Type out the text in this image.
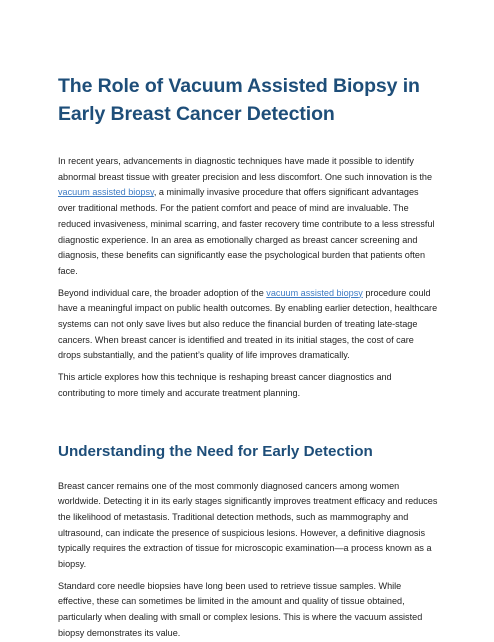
The Role of Vacuum Assisted Biopsy in Early Breast Cancer Detection

In recent years, advancements in diagnostic techniques have made it possible to identify abnormal breast tissue with greater precision and less discomfort. One such innovation is the vacuum assisted biopsy, a minimally invasive procedure that offers significant advantages over traditional methods. For the patient comfort and peace of mind are invaluable. The reduced invasiveness, minimal scarring, and faster recovery time contribute to a less stressful diagnostic experience. In an area as emotionally charged as breast cancer screening and diagnosis, these benefits can significantly ease the psychological burden that patients often face.

Beyond individual care, the broader adoption of the vacuum assisted biopsy procedure could have a meaningful impact on public health outcomes. By enabling earlier detection, healthcare systems can not only save lives but also reduce the financial burden of treating late-stage cancers. When breast cancer is identified and treated in its initial stages, the cost of care drops substantially, and the patient’s quality of life improves dramatically.

This article explores how this technique is reshaping breast cancer diagnostics and contributing to more timely and accurate treatment planning.

Understanding the Need for Early Detection

Breast cancer remains one of the most commonly diagnosed cancers among women worldwide. Detecting it in its early stages significantly improves treatment efficacy and reduces the likelihood of metastasis. Traditional detection methods, such as mammography and ultrasound, can indicate the presence of suspicious lesions. However, a definitive diagnosis typically requires the extraction of tissue for microscopic examination—a process known as a biopsy.

Standard core needle biopsies have long been used to retrieve tissue samples. While effective, these can sometimes be limited in the amount and quality of tissue obtained, particularly when dealing with small or complex lesions. This is where the vacuum assisted biopsy demonstrates its value.
